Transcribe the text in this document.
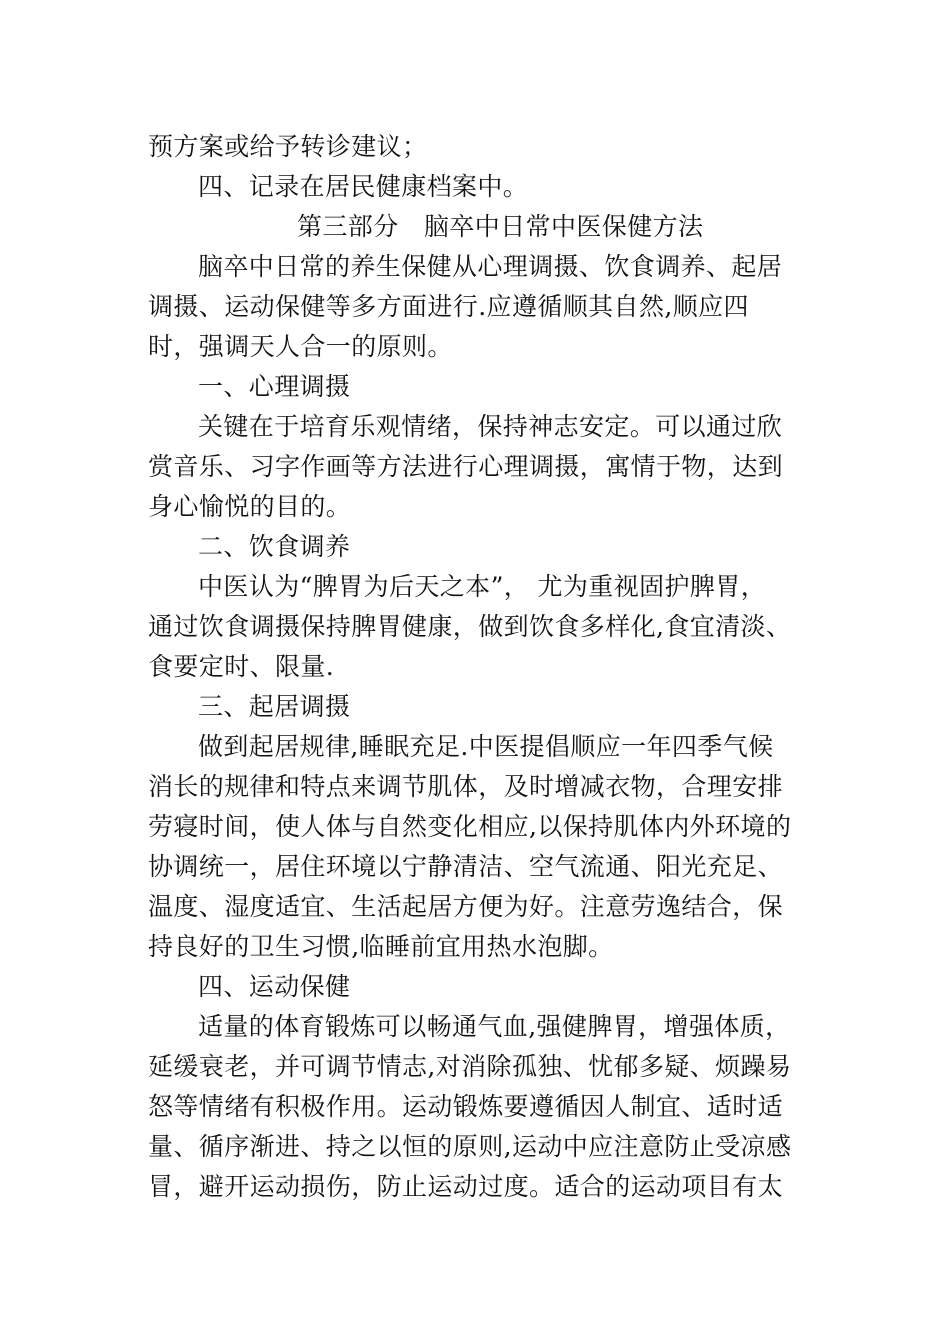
预方案或给予转诊建议；
四、记录在居民健康档案中。
第三部分　脑卒中日常中医保健方法
脑卒中日常的养生保健从心理调摄、饮食调养、起居
调摄、运动保健等多方面进行.应遵循顺其自然,顺应四
时，强调天人合一的原则。
一、心理调摄
关键在于培育乐观情绪，保持神志安定。可以通过欣
赏音乐、习字作画等方法进行心理调摄，寓情于物，达到
身心愉悦的目的。
二、饮食调养
中医认为“脾胃为后天之本”， 尤为重视固护脾胃，
通过饮食调摄保持脾胃健康，做到饮食多样化,食宜清淡、
食要定时、限量.
三、起居调摄
做到起居规律,睡眠充足.中医提倡顺应一年四季气候
消长的规律和特点来调节肌体，及时增减衣物，合理安排
劳寝时间，使人体与自然变化相应,以保持肌体内外环境的
协调统一，居住环境以宁静清洁、空气流通、阳光充足、
温度、湿度适宜、生活起居方便为好。注意劳逸结合，保
持良好的卫生习惯,临睡前宜用热水泡脚。
四、运动保健
适量的体育锻炼可以畅通气血,强健脾胃，增强体质，
延缓衰老，并可调节情志,对消除孤独、忧郁多疑、烦躁易
怒等情绪有积极作用。运动锻炼要遵循因人制宜、适时适
量、循序渐进、持之以恒的原则,运动中应注意防止受凉感
冒，避开运动损伤，防止运动过度。适合的运动项目有太
